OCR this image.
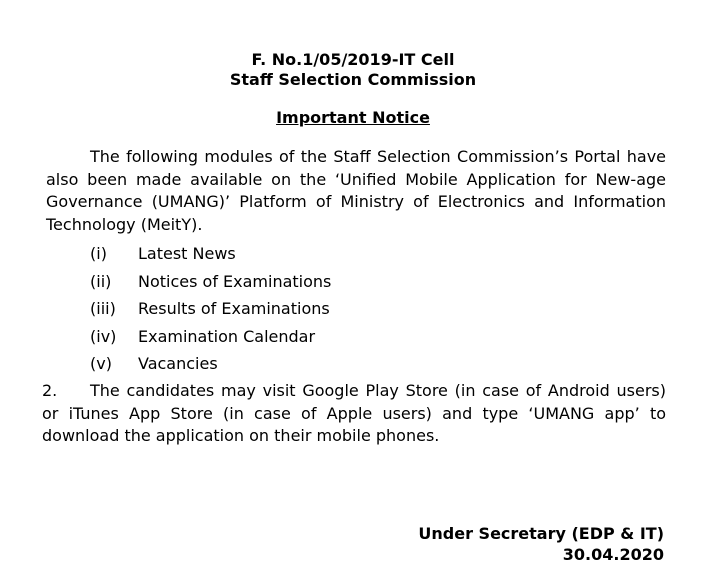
F. No.1/05/2019-IT Cell

Staff Selection Commission

Important Notice

The following modules of the Staff Selection Commission’s Portal have also been made available on the ‘Unified Mobile Application for New-age Governance (UMANG)’ Platform of Ministry of Electronics and Information Technology (MeitY).

(i)	Latest News
(ii)	Notices of Examinations
(iii)	Results of Examinations
(iv)	Examination Calendar
(v)	Vacancies

2. The candidates may visit Google Play Store (in case of Android users) or iTunes App Store (in case of Apple users) and type ‘UMANG app’ to download the application on their mobile phones.

Under Secretary (EDP & IT)

30.04.2020
